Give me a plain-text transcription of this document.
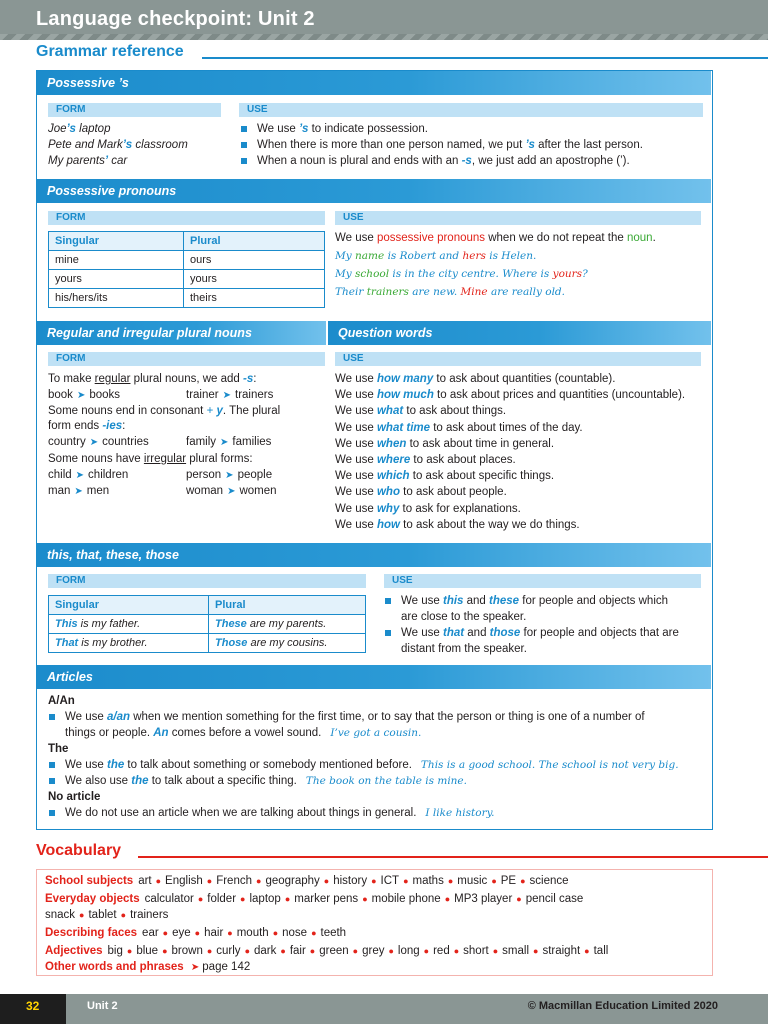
Language checkpoint: Unit 2
Grammar reference
Possessive ’s
FORM	USE
Joe’s laptop
Pete and Mark’s classroom
My parents’ car
We use ’s to indicate possession.
When there is more than one person named, we put ’s after the last person.
When a noun is plural and ends with an -s, we just add an apostrophe (’).
Possessive pronouns
FORM	USE
Singular	Plural
mine	ours
yours	yours
his/hers/its	theirs
We use possessive pronouns when we do not repeat the noun.
My name is Robert and hers is Helen.
My school is in the city centre. Where is yours?
Their trainers are new. Mine are really old.
Regular and irregular plural nouns	Question words
FORM	USE
To make regular plural nouns, we add -s:
book ➤ books	trainer ➤ trainers
Some nouns end in consonant + y. The plural
form ends -ies:
country ➤ countries	family ➤ families
Some nouns have irregular plural forms:
child ➤ children	person ➤ people
man ➤ men	woman ➤ women
We use how many to ask about quantities (countable).
We use how much to ask about prices and quantities (uncountable).
We use what to ask about things.
We use what time to ask about times of the day.
We use when to ask about time in general.
We use where to ask about places.
We use which to ask about specific things.
We use who to ask about people.
We use why to ask for explanations.
We use how to ask about the way we do things.
this, that, these, those
FORM	USE
Singular	Plural
This is my father.	These are my parents.
That is my brother.	Those are my cousins.
We use this and these for people and objects which
are close to the speaker.
We use that and those for people and objects that are
distant from the speaker.
Articles
A/An
We use a/an when we mention something for the first time, or to say that the person or thing is one of a number of
things or people. An comes before a vowel sound. I’ve got a cousin.
The
We use the to talk about something or somebody mentioned before. This is a good school. The school is not very big.
We also use the to talk about a specific thing. The book on the table is mine.
No article
We do not use an article when we are talking about things in general. I like history.
Vocabulary
School subjects art ● English ● French ● geography ● history ● ICT ● maths ● music ● PE ● science
Everyday objects calculator ● folder ● laptop ● marker pens ● mobile phone ● MP3 player ● pencil case
snack ● tablet ● trainers
Describing faces ear ● eye ● hair ● mouth ● nose ● teeth
Adjectives big ● blue ● brown ● curly ● dark ● fair ● green ● grey ● long ● red ● short ● small ● straight ● tall
Other words and phrases ➤ page 142
32	Unit 2	© Macmillan Education Limited 2020
